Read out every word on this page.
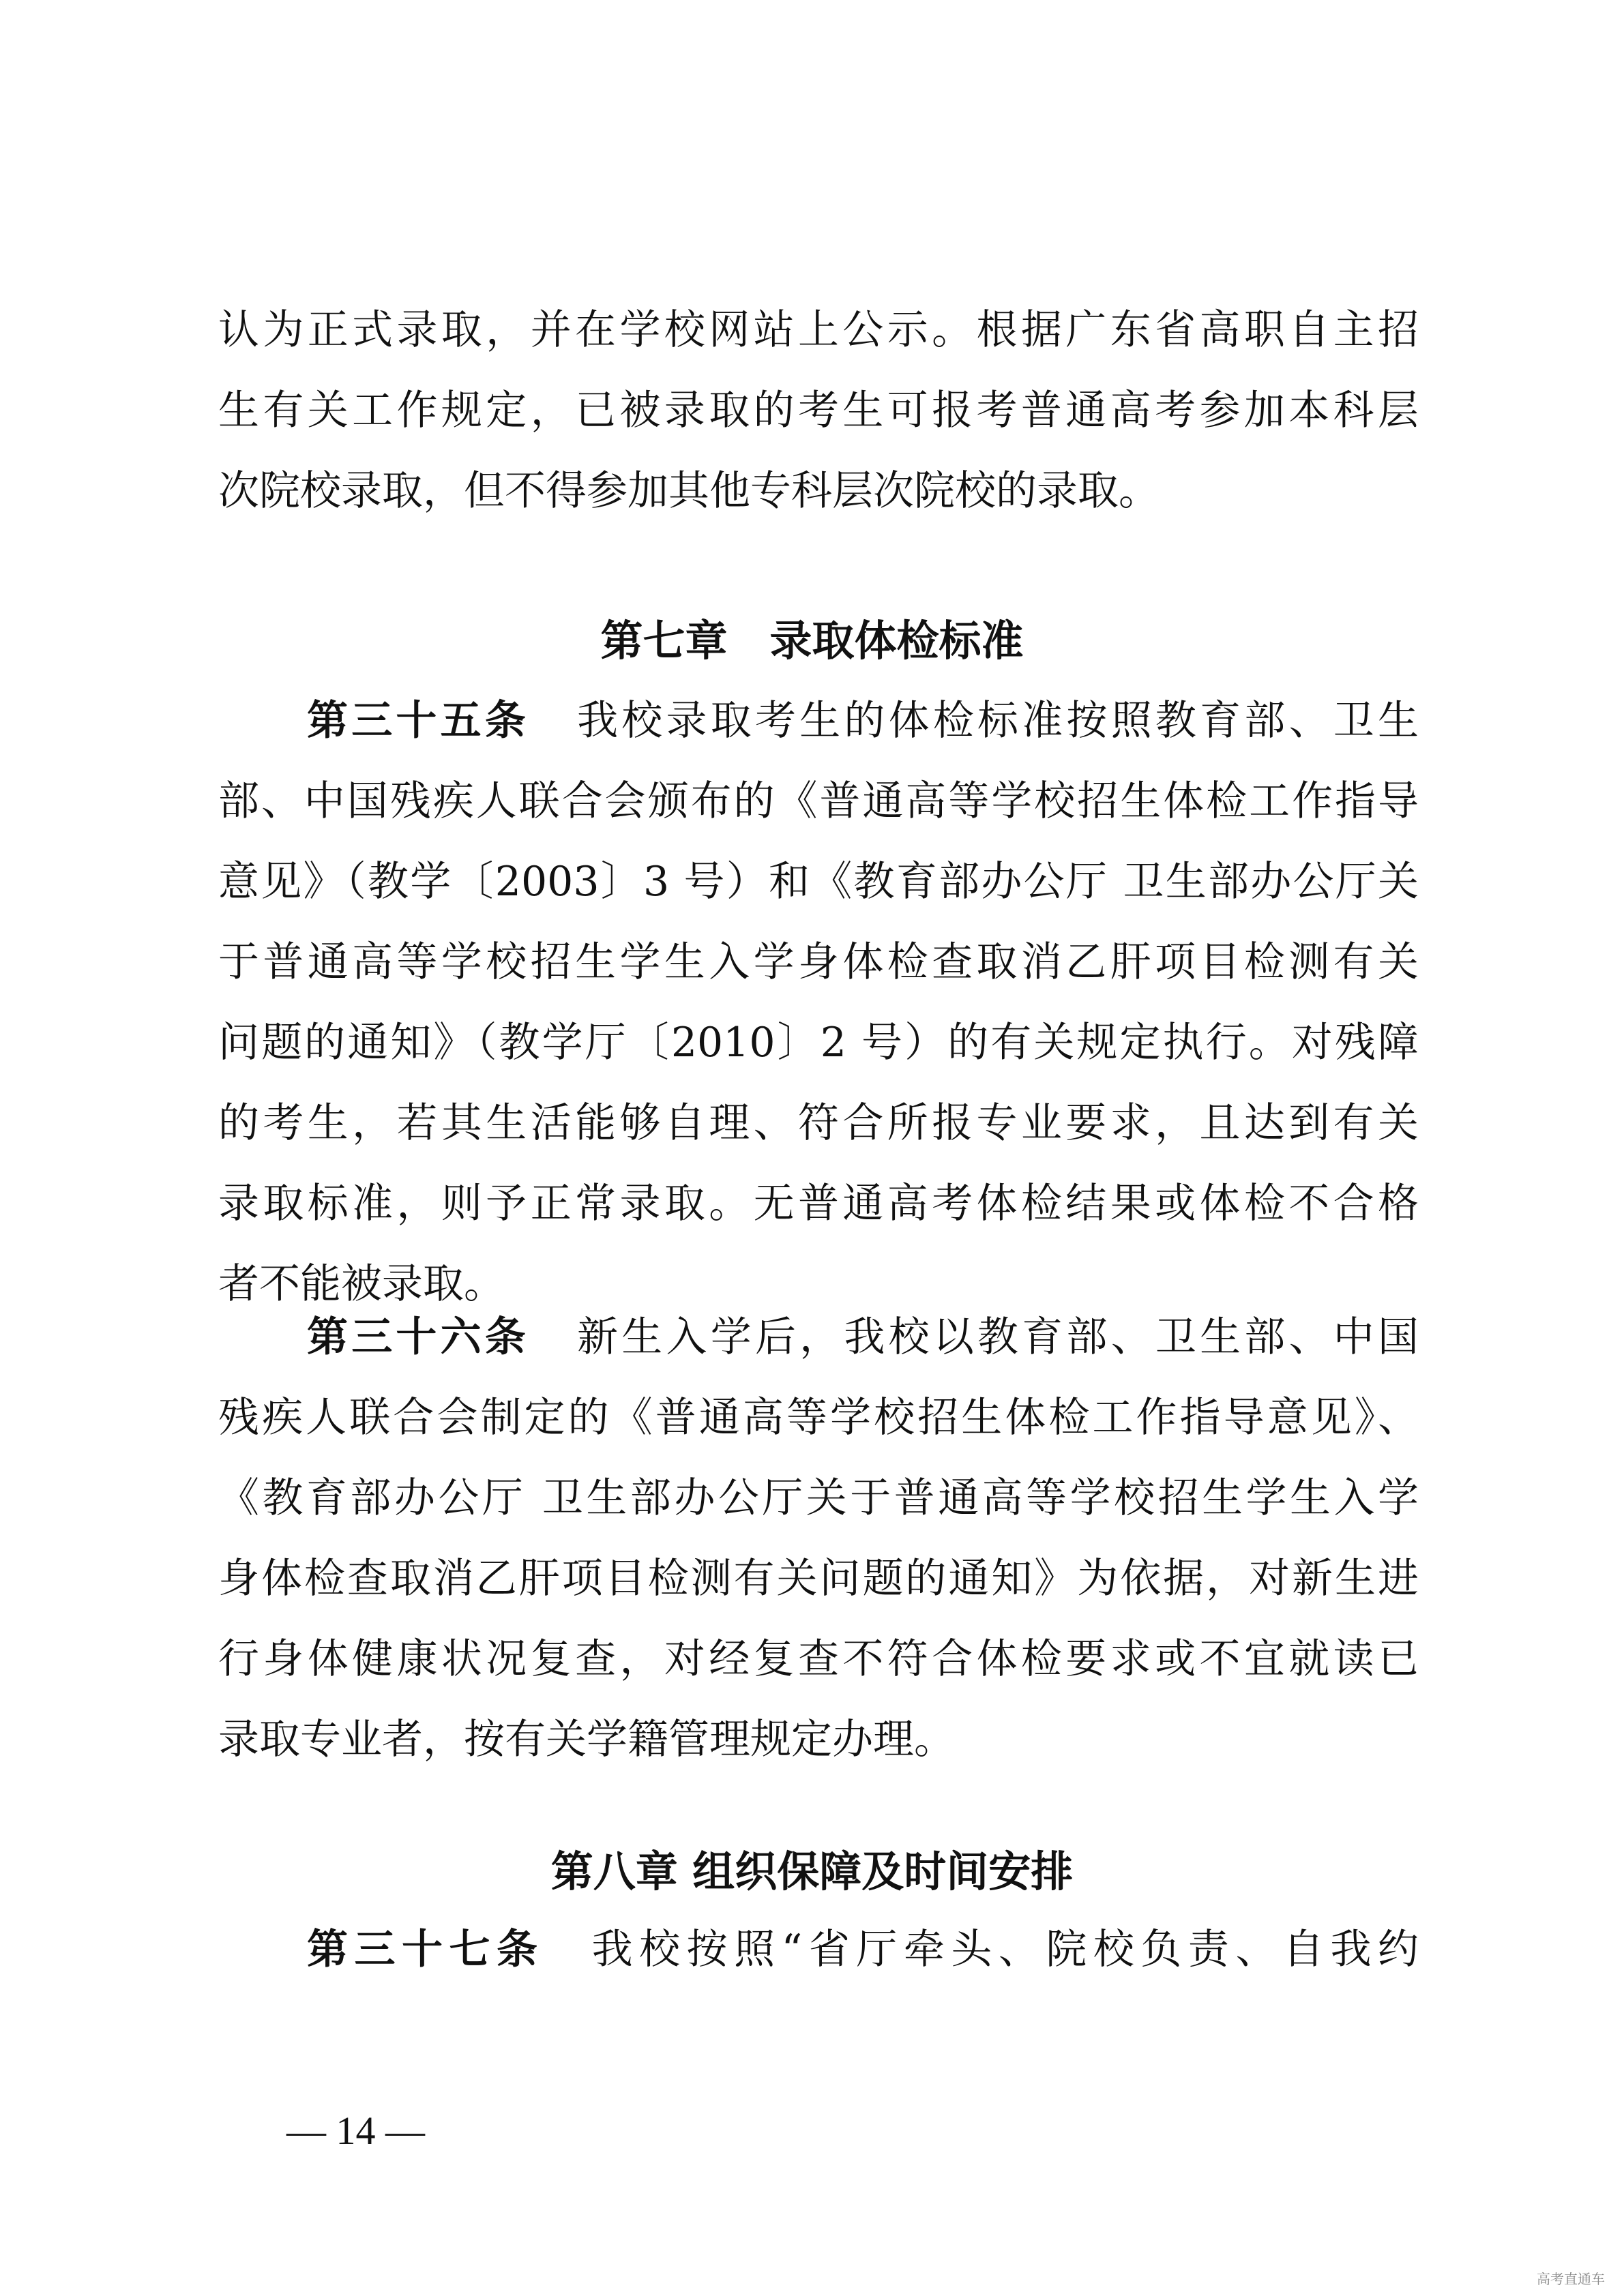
认为正式录取，并在学校网站上公示。根据广东省高职自主招
生有关工作规定，已被录取的考生可报考普通高考参加本科层
次院校录取，但不得参加其他专科层次院校的录取。
第七章　录取体检标准
第三十五条 我校录取考生的体检标准按照教育部、卫生
部、中国残疾人联合会颁布的《普通高等学校招生体检工作指导
意见》（教学〔2003〕3 号）和《教育部办公厅 卫生部办公厅关
于普通高等学校招生学生入学身体检查取消乙肝项目检测有关
问题的通知》（教学厅〔2010〕2 号）的有关规定执行。对残障
的考生，若其生活能够自理、符合所报专业要求，且达到有关
录取标准，则予正常录取。无普通高考体检结果或体检不合格
者不能被录取。
第三十六条 新生入学后，我校以教育部、卫生部、中国
残疾人联合会制定的《普通高等学校招生体检工作指导意见》、
《教育部办公厅 卫生部办公厅关于普通高等学校招生学生入学
身体检查取消乙肝项目检测有关问题的通知》为依据，对新生进
行身体健康状况复查，对经复查不符合体检要求或不宜就读已
录取专业者，按有关学籍管理规定办理。
第八章 组织保障及时间安排
第三十七条 我校按照“省厅牵头、院校负责、自我约
— 14 —
高考直通车
